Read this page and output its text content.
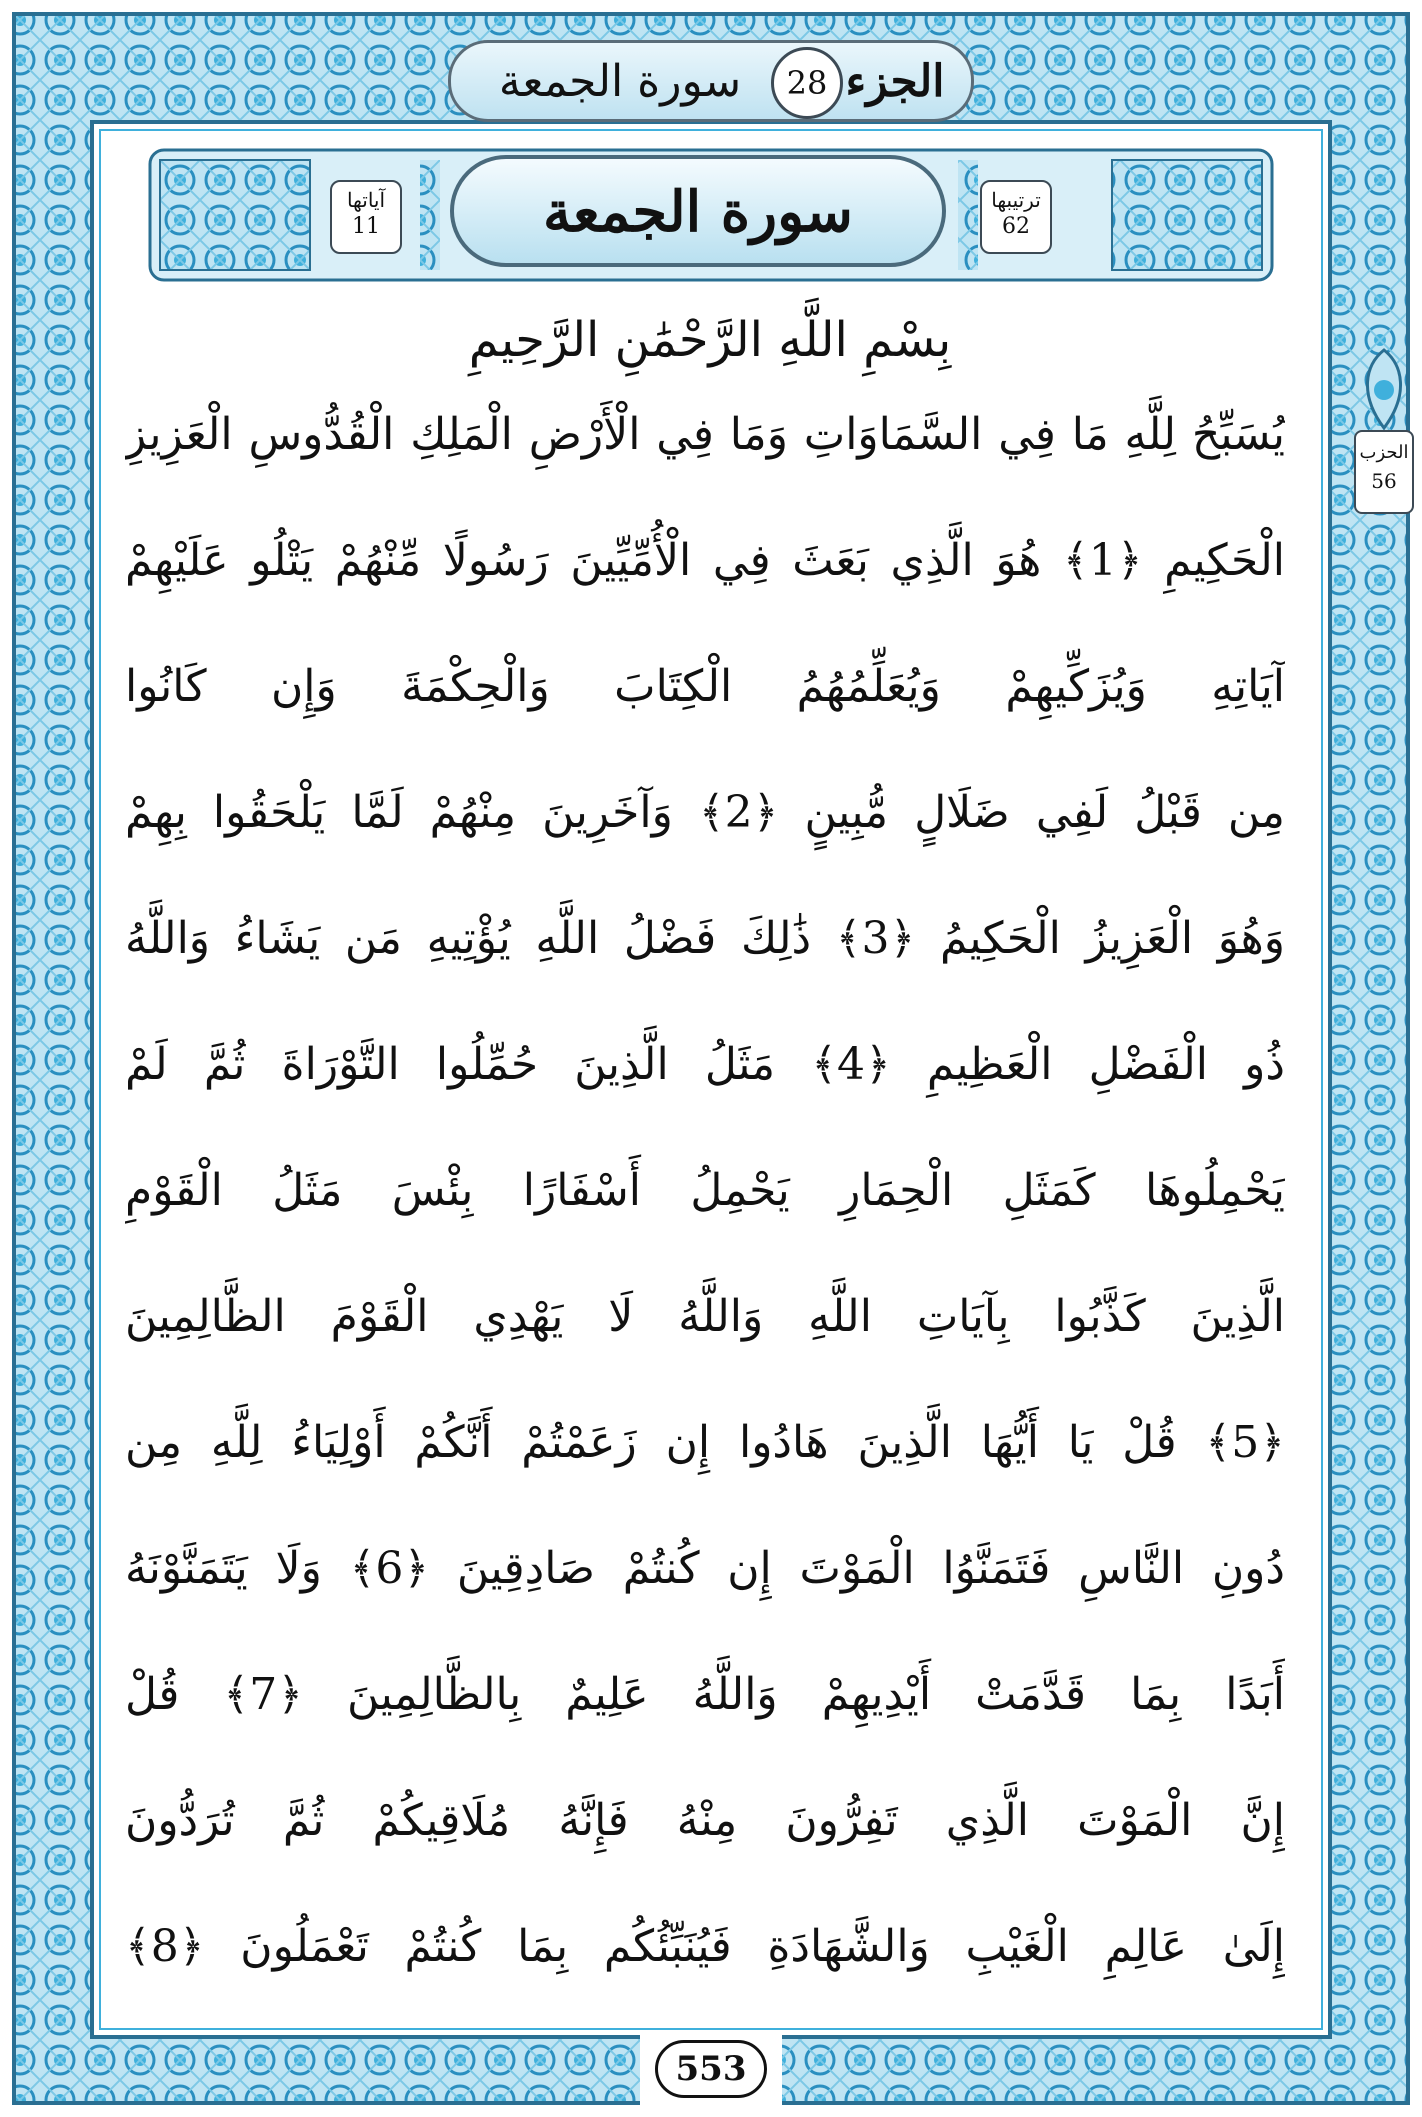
الجزء
28
سورة الجمعة
سورة الجمعة	ترتيبها
62
آياتها
11
بِسْمِ اللَّهِ الرَّحْمَٰنِ الرَّحِيمِ
الحزب
56
يُسَبِّحُ لِلَّهِ مَا فِي السَّمَاوَاتِ وَمَا فِي الْأَرْضِ الْمَلِكِ الْقُدُّوسِ الْعَزِيزِ
الْحَكِيمِ ﴿1﴾ هُوَ الَّذِي بَعَثَ فِي الْأُمِّيِّينَ رَسُولًا مِّنْهُمْ يَتْلُو عَلَيْهِمْ
آيَاتِهِ وَيُزَكِّيهِمْ وَيُعَلِّمُهُمُ الْكِتَابَ وَالْحِكْمَةَ وَإِن كَانُوا
مِن قَبْلُ لَفِي ضَلَالٍ مُّبِينٍ ﴿2﴾ وَآخَرِينَ مِنْهُمْ لَمَّا يَلْحَقُوا بِهِمْ
وَهُوَ الْعَزِيزُ الْحَكِيمُ ﴿3﴾ ذَٰلِكَ فَضْلُ اللَّهِ يُؤْتِيهِ مَن يَشَاءُ وَاللَّهُ
ذُو الْفَضْلِ الْعَظِيمِ ﴿4﴾ مَثَلُ الَّذِينَ حُمِّلُوا التَّوْرَاةَ ثُمَّ لَمْ
يَحْمِلُوهَا كَمَثَلِ الْحِمَارِ يَحْمِلُ أَسْفَارًا بِئْسَ مَثَلُ الْقَوْمِ
الَّذِينَ كَذَّبُوا بِآيَاتِ اللَّهِ وَاللَّهُ لَا يَهْدِي الْقَوْمَ الظَّالِمِينَ
﴿5﴾ قُلْ يَا أَيُّهَا الَّذِينَ هَادُوا إِن زَعَمْتُمْ أَنَّكُمْ أَوْلِيَاءُ لِلَّهِ مِن
دُونِ النَّاسِ فَتَمَنَّوُا الْمَوْتَ إِن كُنتُمْ صَادِقِينَ ﴿6﴾ وَلَا يَتَمَنَّوْنَهُ
أَبَدًا بِمَا قَدَّمَتْ أَيْدِيهِمْ وَاللَّهُ عَلِيمٌ بِالظَّالِمِينَ ﴿7﴾ قُلْ
إِنَّ الْمَوْتَ الَّذِي تَفِرُّونَ مِنْهُ فَإِنَّهُ مُلَاقِيكُمْ ثُمَّ تُرَدُّونَ
إِلَىٰ عَالِمِ الْغَيْبِ وَالشَّهَادَةِ فَيُنَبِّئُكُم بِمَا كُنتُمْ تَعْمَلُونَ ﴿8﴾
553
